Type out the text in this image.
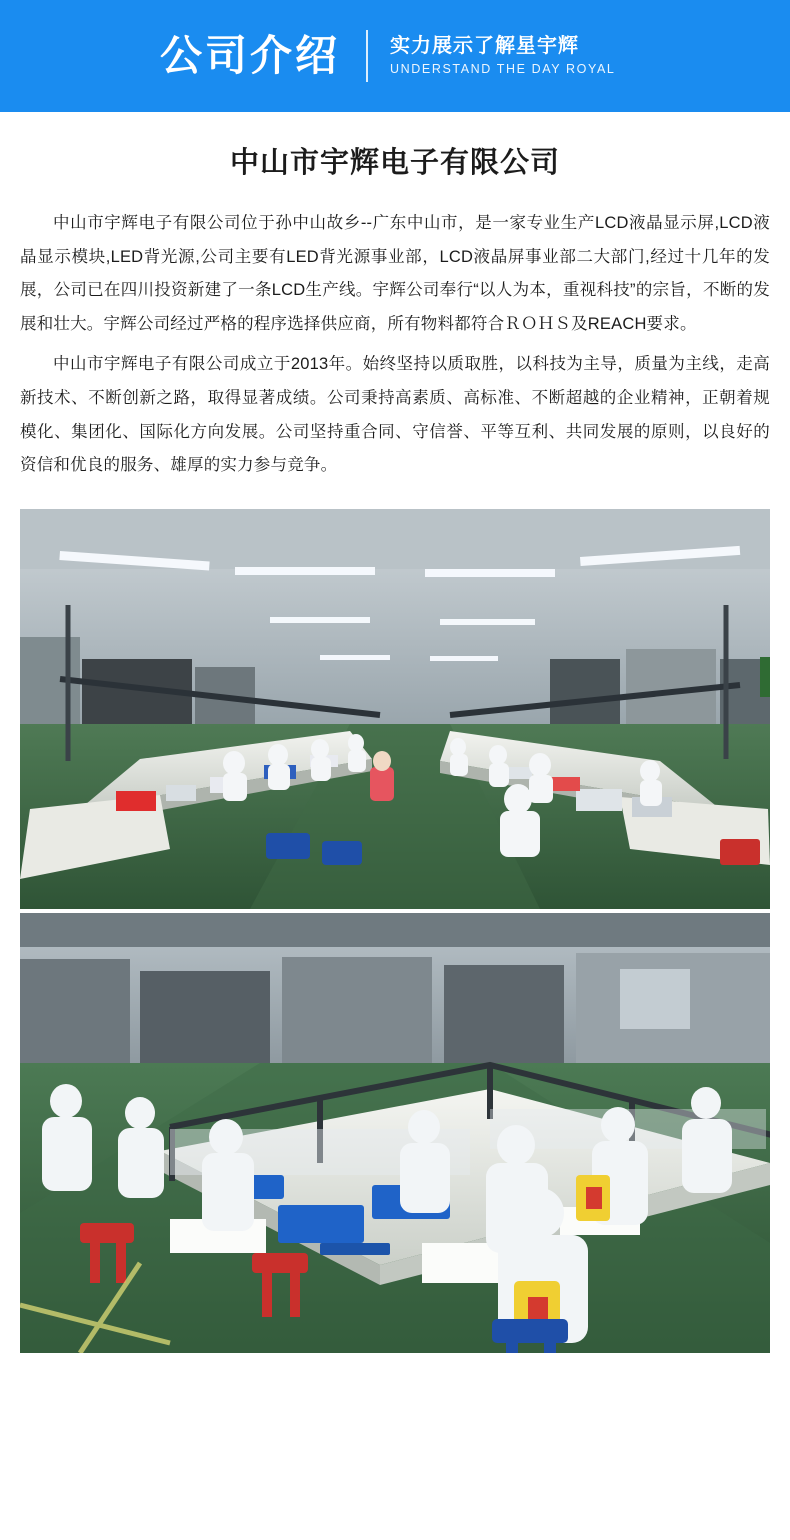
公司介绍	实力展示了解星宇辉
UNDERSTAND THE DAY ROYAL
中山市宇辉电子有限公司

中山市宇辉电子有限公司位于孙中山故乡--广东中山市，是一家专业生产LCD液晶显示屏,LCD液晶显示模块,LED背光源,公司主要有LED背光源事业部，LCD液晶屏事业部二大部门,经过十几年的发展，公司已在四川投资新建了一条LCD生产线。宇辉公司奉行“以人为本，重视科技”的宗旨，不断的发展和壮大。宇辉公司经过严格的程序选择供应商，所有物料都符合ＲＯＨＳ及REACH要求。

中山市宇辉电子有限公司成立于2013年。始终坚持以质取胜，以科技为主导，质量为主线，走高新技术、不断创新之路，取得显著成绩。公司秉持高素质、高标准、不断超越的企业精神，正朝着规模化、集团化、国际化方向发展。公司坚持重合同、守信誉、平等互利、共同发展的原则，以良好的资信和优良的服务、雄厚的实力参与竞争。
